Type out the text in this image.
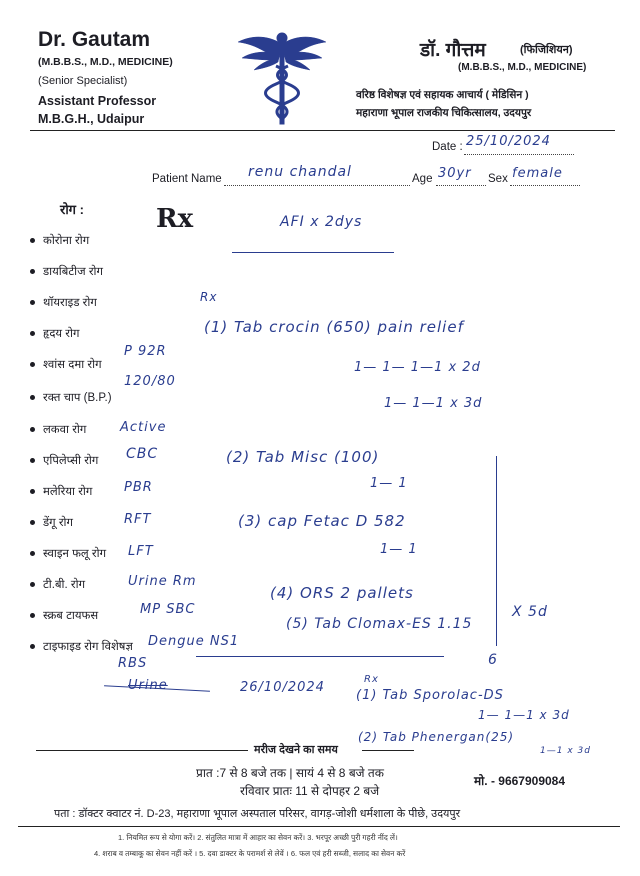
Dr. Gautam
(M.B.B.S., M.D., MEDICINE)
(Senior Specialist)
Assistant Professor
M.B.G.H., Udaipur
डॉ. गौत्तम	(फिजिशियन)
(M.B.B.S., M.D., MEDICINE)
वरिष्ठ विशेषज्ञ एवं सहायक आचार्य ( मेडिसिन )
महाराणा भूपाल राजकीय चिकित्सालय, उदयपुर
Date : 25/10/2024
Patient Name renu chandal	Age 30yr Sex female
Rx
रोग :
कोरोना रोग
डायबिटीज रोग
थॉयराइड रोग
हृदय रोग
श्वांस दमा रोग
रक्त चाप (B.P.)
लकवा रोग
एपिलेप्सी रोग
मलेरिया रोग
डेंगू रोग
स्वाइन फलू रोग
टी.बी. रोग
स्क्रब टायफस
टाइफाइड रोग विशेषज्ञ
AFI x 2dys
Rx
(1) Tab crocin (650) pain relief
1— 1— 1—1 x 2d
1— 1—1 x 3d
(2) Tab Misc (100)
1— 1
(3) cap Fetac D 582
1— 1
(4) ORS 2 pallets
(5) Tab Clomax-ES 1.15
X 5d
P 92R
120/80
Active
CBC
PBR
RFT
LFT
Urine Rm
MP SBC
Dengue NS1
RBS
Urine
6
26/10/2024
Rx
(1) Tab Sporolac-DS
1— 1—1 x 3d
(2) Tab Phenergan(25)
1—1 x 3d
मरीज देखने का समय
प्रात :7 से 8 बजे तक | सायं 4 से 8 बजे तक
रविवार प्रातः 11 से दोपहर 2 बजे
मो. - 9667909084
पता : डॉक्टर क्वाटर नं. D-23, महाराणा भूपाल अस्पताल परिसर, वागड़-जोशी धर्मशाला के पीछे, उदयपुर
1. नियमित रूप से योगा करें। 2. संतुलित मात्रा में आहार का सेवन करें। 3. भरपूर अच्छी पुरी गहरी नींद लें।
4. शराब व तम्बाकू का सेवन नहीं करें । 5. दवा डाक्टर के परामर्श से लेवें । 6. फल एवं हरी सब्जी, सलाद का सेवन करें
